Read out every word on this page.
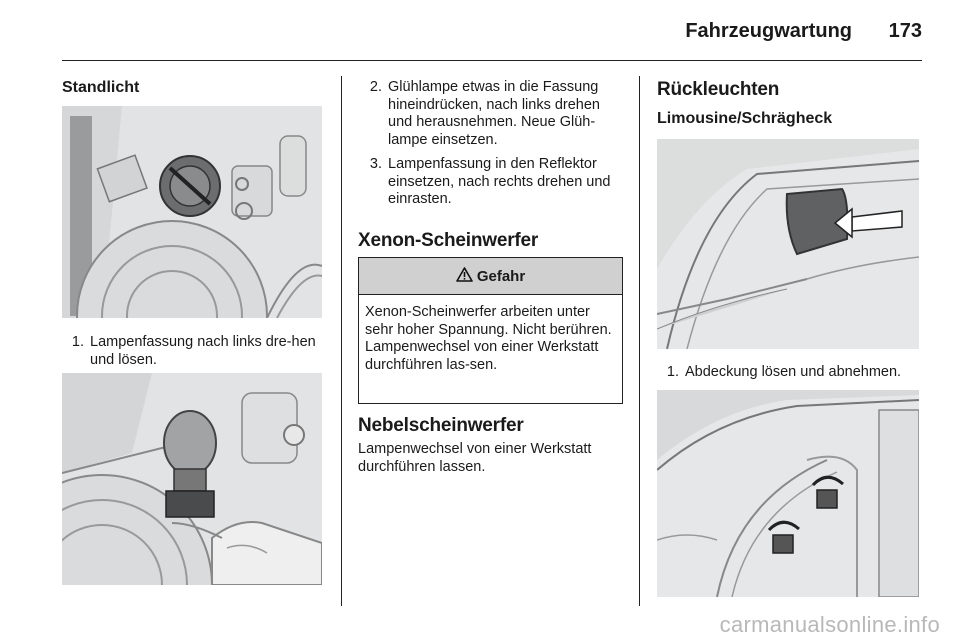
Fahrzeugwartung	173
Standlicht
1. Lampenfassung nach links dre-hen und lösen.
2. Glühlampe etwas in die Fassung hineindrücken, nach links drehen und herausnehmen. Neue Glüh-lampe einsetzen.
3. Lampenfassung in den Reflektor einsetzen, nach rechts drehen und einrasten.
Xenon-Scheinwerfer
Gefahr
Xenon-Scheinwerfer arbeiten unter sehr hoher Spannung. Nicht berühren. Lampenwechsel von einer Werkstatt durchführen las-sen.
Nebelscheinwerfer
Lampenwechsel von einer Werkstatt durchführen lassen.
Rückleuchten
Limousine/Schrägheck
1. Abdeckung lösen und abnehmen.
carmanualsonline.info
